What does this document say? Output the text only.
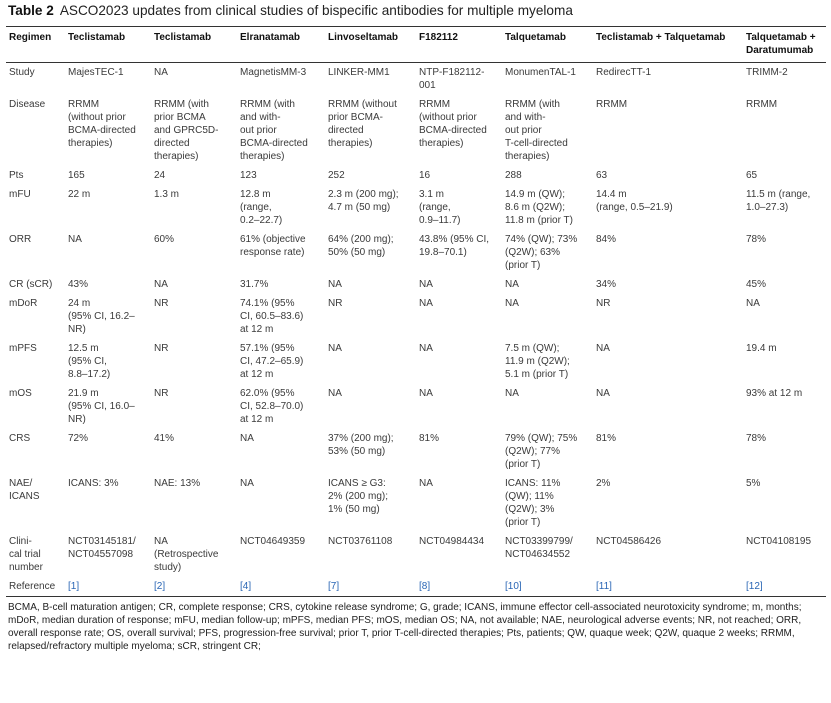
Table 2 ASCO2023 updates from clinical studies of bispecific antibodies for multiple myeloma
Regimen	Teclistamab	Teclistamab	Elranatamab	Linvoseltamab	F182112	Talquetamab	Teclistamab + Talquetamab	Talquetamab +
Daratumumab
Study	MajesTEC-1	NA	MagnetisMM-3	LINKER-MM1	NTP-F182112-
001	MonumenTAL-1	RedirecTT-1	TRIMM-2
Disease	RRMM
(without prior
BCMA-directed
therapies)	RRMM (with
prior BCMA
and GPRC5D-
directed
therapies)	RRMM (with
and with-
out prior
BCMA-directed
therapies)	RRMM (without
prior BCMA-
directed
therapies)	RRMM
(without prior
BCMA-directed
therapies)	RRMM (with
and with-
out prior
T-cell-directed
therapies)	RRMM	RRMM
Pts	165	24	123	252	16	288	63	65
mFU	22 m	1.3 m	12.8 m
(range,
0.2–22.7)	2.3 m (200 mg);
4.7 m (50 mg)	3.1 m
(range,
0.9–11.7)	14.9 m (QW);
8.6 m (Q2W);
11.8 m (prior T)	14.4 m
(range, 0.5–21.9)	11.5 m (range,
1.0–27.3)
ORR	NA	60%	61% (objective
response rate)	64% (200 mg);
50% (50 mg)	43.8% (95% CI,
19.8–70.1)	74% (QW); 73%
(Q2W); 63%
(prior T)	84%	78%
CR (sCR)	43%	NA	31.7%	NA	NA	NA	34%	45%
mDoR	24 m
(95% CI, 16.2–
NR)	NR	74.1% (95%
CI, 60.5–83.6)
at 12 m	NR	NA	NA	NR	NA
mPFS	12.5 m
(95% CI,
8.8–17.2)	NR	57.1% (95%
CI, 47.2–65.9)
at 12 m	NA	NA	7.5 m (QW);
11.9 m (Q2W);
5.1 m (prior T)	NA	19.4 m
mOS	21.9 m
(95% CI, 16.0–
NR)	NR	62.0% (95%
CI, 52.8–70.0)
at 12 m	NA	NA	NA	NA	93% at 12 m
CRS	72%	41%	NA	37% (200 mg);
53% (50 mg)	81%	79% (QW); 75%
(Q2W); 77%
(prior T)	81%	78%
NAE/
ICANS	ICANS: 3%	NAE: 13%	NA	ICANS ≥ G3:
2% (200 mg);
1% (50 mg)	NA	ICANS: 11%
(QW); 11%
(Q2W); 3%
(prior T)	2%	5%
Clini-
cal trial
number	NCT03145181/
NCT04557098	NA
(Retrospective
study)	NCT04649359	NCT03761108	NCT04984434	NCT03399799/
NCT04634552	NCT04586426	NCT04108195
Reference	[1]	[2]	[4]	[7]	[8]	[10]	[11]	[12]
BCMA, B-cell maturation antigen; CR, complete response; CRS, cytokine release syndrome; G, grade; ICANS, immune effector cell-associated neurotoxicity syndrome; m, months; mDoR, median duration of response; mFU, median follow-up; mPFS, median PFS; mOS, median OS; NA, not available; NAE, neurological adverse events; NR, not reached; ORR, overall response rate; OS, overall survival; PFS, progression-free survival; prior T, prior T-cell-directed therapies; Pts, patients; QW, quaque week; Q2W, quaque 2 weeks; RRMM, relapsed/refractory multiple myeloma; sCR, stringent CR;
